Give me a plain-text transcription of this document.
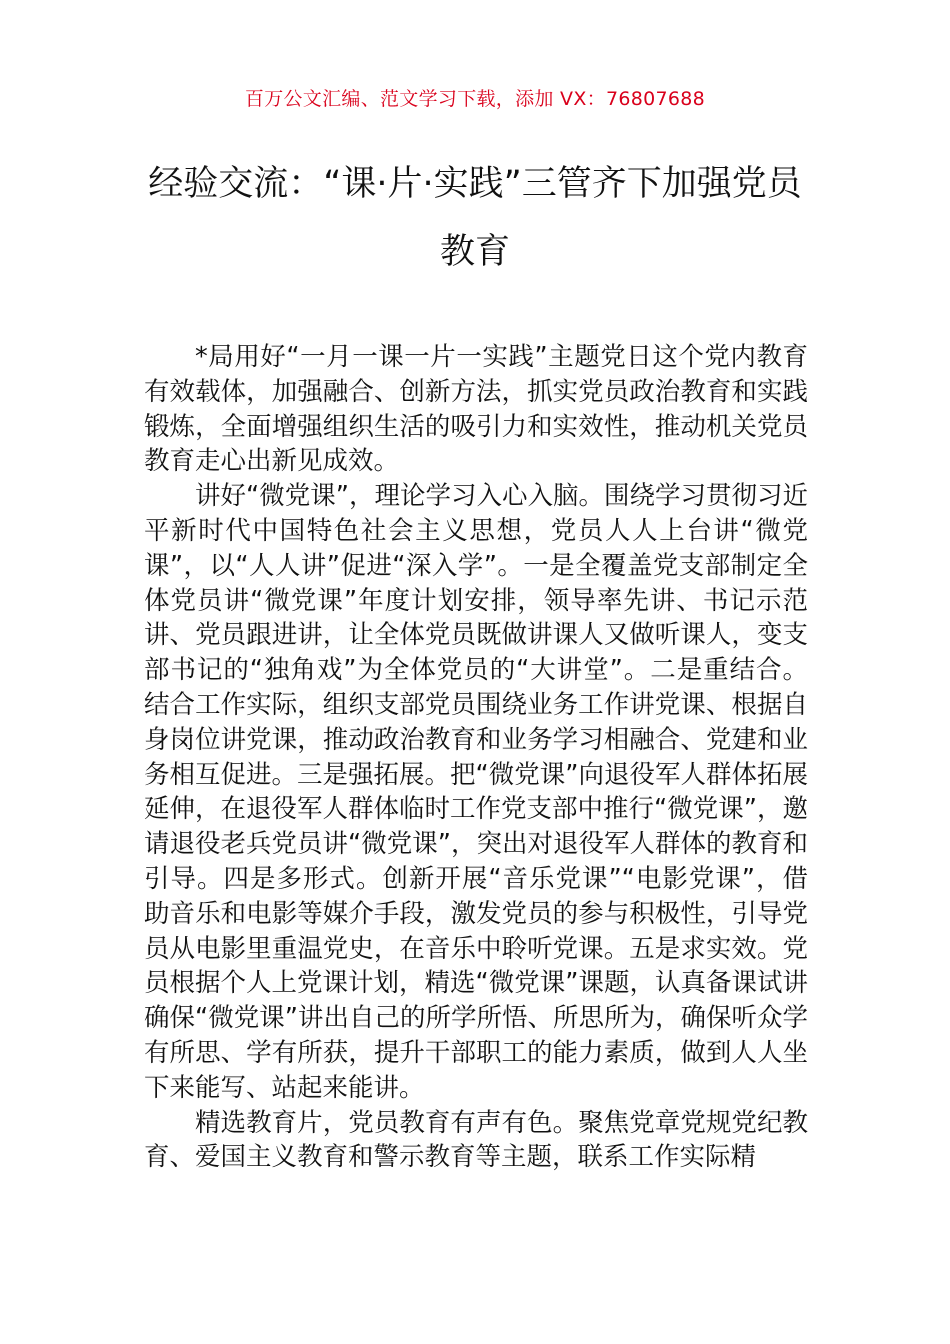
百万公文汇编、范文学习下载，添加 VX：76807688
经验交流：“课·片·实践”三管齐下加强党员教育

*局用好“一月一课一片一实践”主题党日这个党内教育有效载体，加强融合、创新方法，抓实党员政治教育和实践锻炼，全面增强组织生活的吸引力和实效性，推动机关党员教育走心出新见成效。

讲好“微党课”，理论学习入心入脑。围绕学习贯彻习近平新时代中国特色社会主义思想，党员人人上台讲“微党课”，以“人人讲”促进“深入学”。一是全覆盖党支部制定全体党员讲“微党课”年度计划安排，领导率先讲、书记示范讲、党员跟进讲，让全体党员既做讲课人又做听课人，变支部书记的“独角戏”为全体党员的“大讲堂”。二是重结合。结合工作实际，组织支部党员围绕业务工作讲党课、根据自身岗位讲党课，推动政治教育和业务学习相融合、党建和业务相互促进。三是强拓展。把“微党课”向退役军人群体拓展延伸，在退役军人群体临时工作党支部中推行“微党课”，邀请退役老兵党员讲“微党课”，突出对退役军人群体的教育和引导。四是多形式。创新开展“音乐党课”“电影党课”，借助音乐和电影等媒介手段，激发党员的参与积极性，引导党员从电影里重温党史，在音乐中聆听党课。五是求实效。党员根据个人上党课计划，精选“微党课”课题，认真备课试讲确保“微党课”讲出自己的所学所悟、所思所为，确保听众学有所思、学有所获，提升干部职工的能力素质，做到人人坐下来能写、站起来能讲。

精选教育片，党员教育有声有色。聚焦党章党规党纪教育、爱国主义教育和警示教育等主题，联系工作实际精
